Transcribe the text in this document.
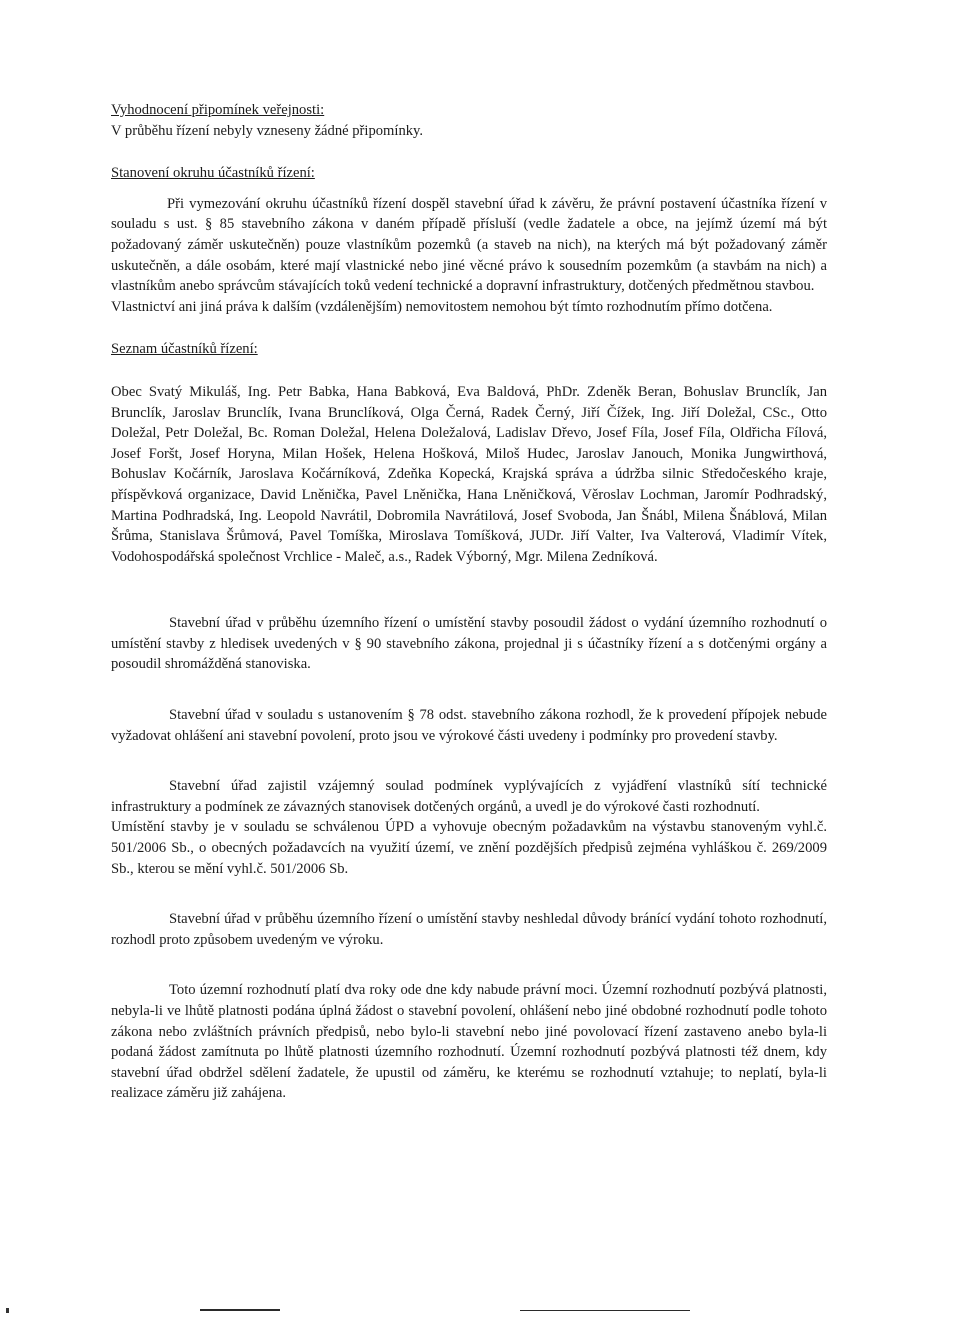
Vyhodnocení připomínek veřejnosti:

V průběhu řízení nebyly vzneseny žádné připomínky.

Stanovení okruhu účastníků řízení:

Při vymezování okruhu účastníků řízení dospěl stavební úřad k závěru, že právní postavení účastníka řízení v souladu s ust. § 85 stavebního zákona v daném případě přísluší (vedle žadatele a obce, na jejímž území má být požadovaný záměr uskutečněn) pouze vlastníkům pozemků (a staveb na nich), na kterých má být požadovaný záměr uskutečněn, a dále osobám, které mají vlastnické nebo jiné věcné právo k sousedním pozemkům (a stavbám na nich) a vlastníkům anebo správcům stávajících toků vedení technické a dopravní infrastruktury, dotčených předmětnou stavbou.

Vlastnictví ani jiná práva k dalším (vzdálenějším) nemovitostem nemohou být tímto rozhodnutím přímo dotčena.

Seznam účastníků řízení:

Obec Svatý Mikuláš, Ing. Petr Babka, Hana Babková, Eva Baldová, PhDr. Zdeněk Beran, Bohuslav Brunclík, Jan Brunclík, Jaroslav Brunclík, Ivana Brunclíková, Olga Černá, Radek Černý, Jiří Čížek, Ing. Jiří Doležal, CSc., Otto Doležal, Petr Doležal, Bc. Roman Doležal, Helena Doležalová, Ladislav Dřevo, Josef Fíla, Josef Fíla, Oldřicha Fílová, Josef Foršt, Josef Horyna, Milan Hošek, Helena Hošková, Miloš Hudec, Jaroslav Janouch, Monika Jungwirthová, Bohuslav Kočárník, Jaroslava Kočárníková, Zdeňka Kopecká, Krajská správa a údržba silnic Středočeského kraje, příspěvková organizace, David Lněnička, Pavel Lněnička, Hana Lněničková, Věroslav Lochman, Jaromír Podhradský, Martina Podhradská, Ing. Leopold Navrátil, Dobromila Navrátilová, Josef Svoboda, Jan Šnábl, Milena Šnáblová, Milan Šrůma, Stanislava Šrůmová, Pavel Tomíška, Miroslava Tomíšková, JUDr. Jiří Valter, Iva Valterová, Vladimír Vítek, Vodohospodářská společnost Vrchlice - Maleč, a.s., Radek Výborný, Mgr. Milena Zedníková.

Stavební úřad v průběhu územního řízení o umístění stavby posoudil žádost o vydání územního rozhodnutí o umístění stavby z hledisek uvedených v § 90 stavebního zákona, projednal ji s účastníky řízení a s dotčenými orgány a posoudil shromážděná stanoviska.

Stavební úřad v souladu s ustanovením § 78 odst. stavebního zákona rozhodl, že k provedení přípojek nebude vyžadovat ohlášení ani stavební povolení, proto jsou ve výrokové části uvedeny i podmínky pro provedení stavby.

Stavební úřad zajistil vzájemný soulad podmínek vyplývajících z vyjádření vlastníků sítí technické infrastruktury a podmínek ze závazných stanovisek dotčených orgánů, a uvedl je do výrokové časti rozhodnutí.

Umístění stavby je v souladu se schválenou ÚPD a vyhovuje obecným požadavkům na výstavbu stanoveným vyhl.č. 501/2006 Sb., o obecných požadavcích na využití území, ve znění pozdějších předpisů zejména vyhláškou č. 269/2009 Sb., kterou se mění vyhl.č. 501/2006 Sb.

Stavební úřad v průběhu územního řízení o umístění stavby neshledal důvody bránící vydání tohoto rozhodnutí, rozhodl proto způsobem uvedeným ve výroku.

Toto územní rozhodnutí platí dva roky ode dne kdy nabude právní moci. Územní rozhodnutí pozbývá platnosti, nebyla-li ve lhůtě platnosti podána úplná žádost o stavební povolení, ohlášení nebo jiné obdobné rozhodnutí podle tohoto zákona nebo zvláštních právních předpisů, nebo bylo-li stavební nebo jiné povolovací řízení zastaveno anebo byla-li podaná žádost zamítnuta po lhůtě platnosti územního rozhodnutí. Územní rozhodnutí pozbývá platnosti též dnem, kdy stavební úřad obdržel sdělení žadatele, že upustil od záměru, ke kterému se rozhodnutí vztahuje; to neplatí, byla-li realizace záměru již zahájena.
